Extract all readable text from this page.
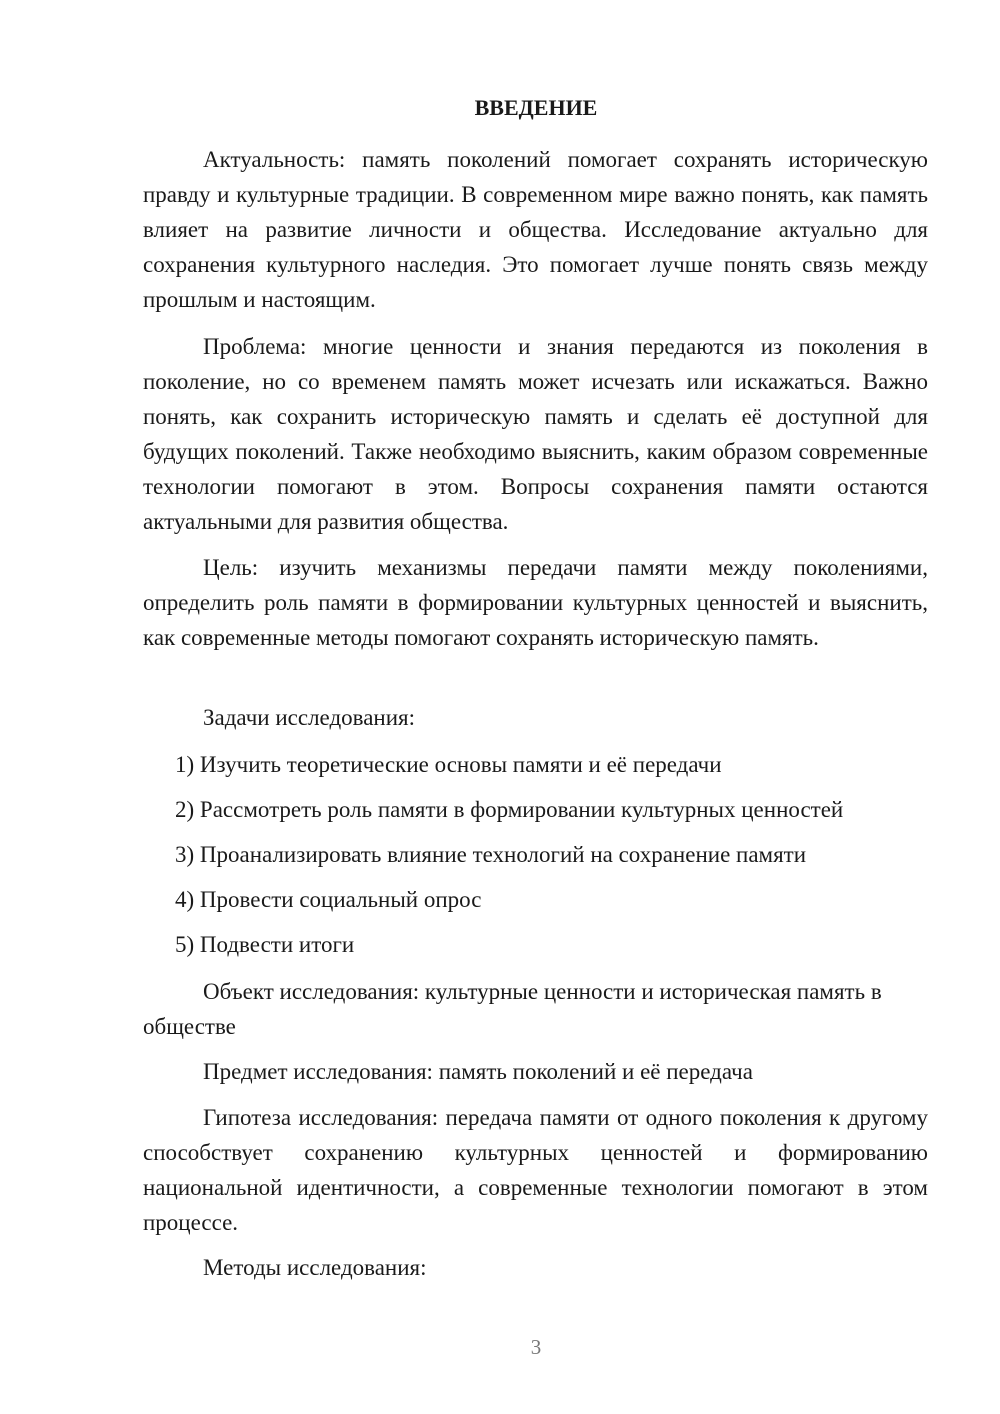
ВВЕДЕНИЕ

Актуальность: память поколений помогает сохранять историческую правду и культурные традиции. В современном мире важно понять, как память влияет на развитие личности и общества. Исследование актуально для сохранения культурного наследия. Это помогает лучше понять связь между прошлым и настоящим.

Проблема: многие ценности и знания передаются из поколения в поколение, но со временем память может исчезать или искажаться. Важно понять, как сохранить историческую память и сделать её доступной для будущих поколений. Также необходимо выяснить, каким образом современные технологии помогают в этом. Вопросы сохранения памяти остаются актуальными для развития общества.

Цель: изучить механизмы передачи памяти между поколениями, определить роль памяти в формировании культурных ценностей и выяснить, как современные методы помогают сохранять историческую память.

Задачи исследования:

1) Изучить теоретические основы памяти и её передачи
2) Рассмотреть роль памяти в формировании культурных ценностей
3) Проанализировать влияние технологий на сохранение памяти
4) Провести социальный опрос
5) Подвести итоги

Объект исследования: культурные ценности и историческая память в обществе

Предмет исследования: память поколений и её передача

Гипотеза исследования: передача памяти от одного поколения к другому способствует сохранению культурных ценностей и формированию национальной идентичности, а современные технологии помогают в этом процессе.

Методы исследования:

3
